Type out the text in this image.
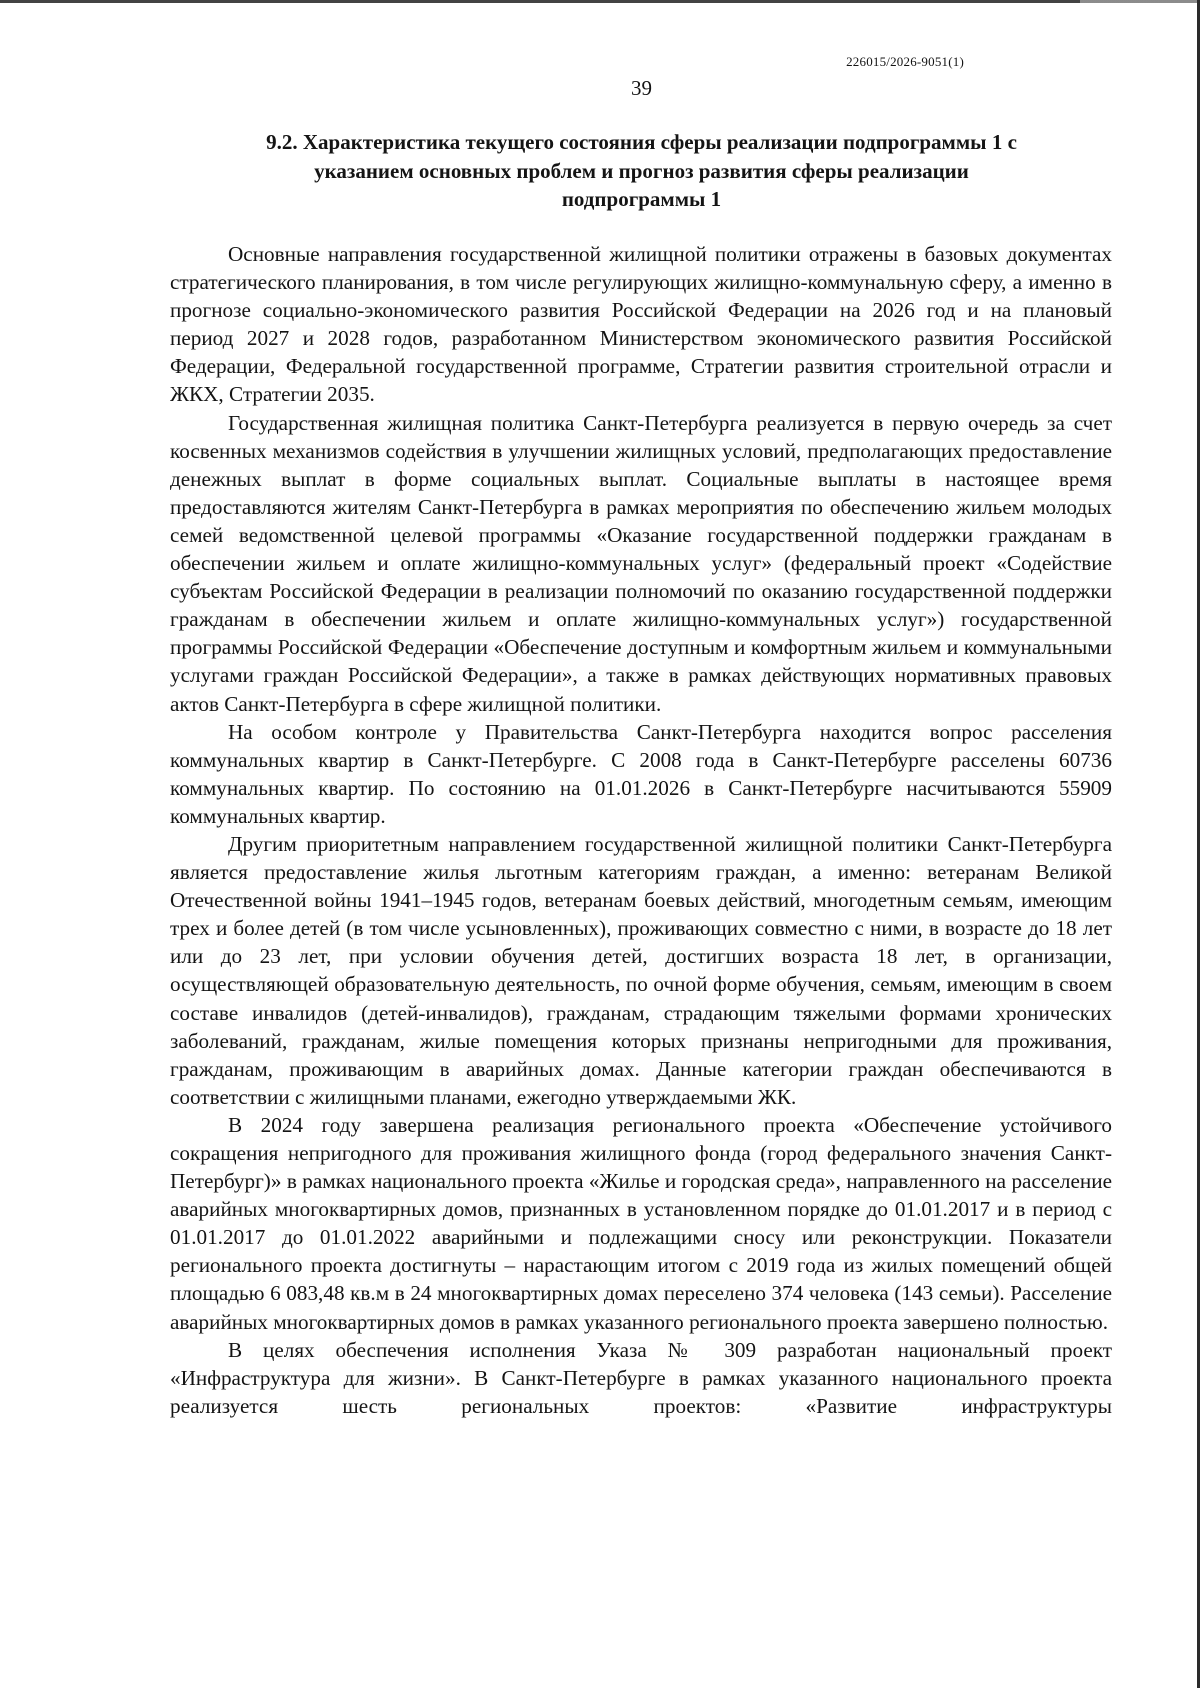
226015/2026-9051(1)
39
9.2. Характеристика текущего состояния сферы реализации подпрограммы 1 с указанием основных проблем и прогноз развития сферы реализации подпрограммы 1

Основные направления государственной жилищной политики отражены в базовых документах стратегического планирования, в том числе регулирующих жилищно-коммунальную сферу, а именно в прогнозе социально-экономического развития Российской Федерации на 2026 год и на плановый период 2027 и 2028 годов, разработанном Министерством экономического развития Российской Федерации, Федеральной государственной программе, Стратегии развития строительной отрасли и ЖКХ, Стратегии 2035.

Государственная жилищная политика Санкт-Петербурга реализуется в первую очередь за счет косвенных механизмов содействия в улучшении жилищных условий, предполагающих предоставление денежных выплат в форме социальных выплат. Социальные выплаты в настоящее время предоставляются жителям Санкт-Петербурга в рамках мероприятия по обеспечению жильем молодых семей ведомственной целевой программы «Оказание государственной поддержки гражданам в обеспечении жильем и оплате жилищно-коммунальных услуг» (федеральный проект «Содействие субъектам Российской Федерации в реализации полномочий по оказанию государственной поддержки гражданам в обеспечении жильем и оплате жилищно-коммунальных услуг») государственной программы Российской Федерации «Обеспечение доступным и комфортным жильем и коммунальными услугами граждан Российской Федерации», а также в рамках действующих нормативных правовых актов Санкт-Петербурга в сфере жилищной политики.

На особом контроле у Правительства Санкт-Петербурга находится вопрос расселения коммунальных квартир в Санкт-Петербурге. С 2008 года в Санкт-Петербурге расселены 60736 коммунальных квартир. По состоянию на 01.01.2026 в Санкт-Петербурге насчитываются 55909 коммунальных квартир.

Другим приоритетным направлением государственной жилищной политики Санкт-Петербурга является предоставление жилья льготным категориям граждан, а именно: ветеранам Великой Отечественной войны 1941–1945 годов, ветеранам боевых действий, многодетным семьям, имеющим трех и более детей (в том числе усыновленных), проживающих совместно с ними, в возрасте до 18 лет или до 23 лет, при условии обучения детей, достигших возраста 18 лет, в организации, осуществляющей образовательную деятельность, по очной форме обучения, семьям, имеющим в своем составе инвалидов (детей-инвалидов), гражданам, страдающим тяжелыми формами хронических заболеваний, гражданам, жилые помещения которых признаны непригодными для проживания, гражданам, проживающим в аварийных домах. Данные категории граждан обеспечиваются в соответствии с жилищными планами, ежегодно утверждаемыми ЖК.

В 2024 году завершена реализация регионального проекта «Обеспечение устойчивого сокращения непригодного для проживания жилищного фонда (город федерального значения Санкт-Петербург)» в рамках национального проекта «Жилье и городская среда», направленного на расселение аварийных многоквартирных домов, признанных в установленном порядке до 01.01.2017 и в период с 01.01.2017 до 01.01.2022 аварийными и подлежащими сносу или реконструкции. Показатели регионального проекта достигнуты – нарастающим итогом с 2019 года из жилых помещений общей площадью 6 083,48 кв.м в 24 многоквартирных домах переселено 374 человека (143 семьи). Расселение аварийных многоквартирных домов в рамках указанного регионального проекта завершено полностью.

В целях обеспечения исполнения Указа № 309 разработан национальный проект «Инфраструктура для жизни». В Санкт-Петербурге в рамках указанного национального проекта реализуется шесть региональных проектов: «Развитие инфраструктуры
